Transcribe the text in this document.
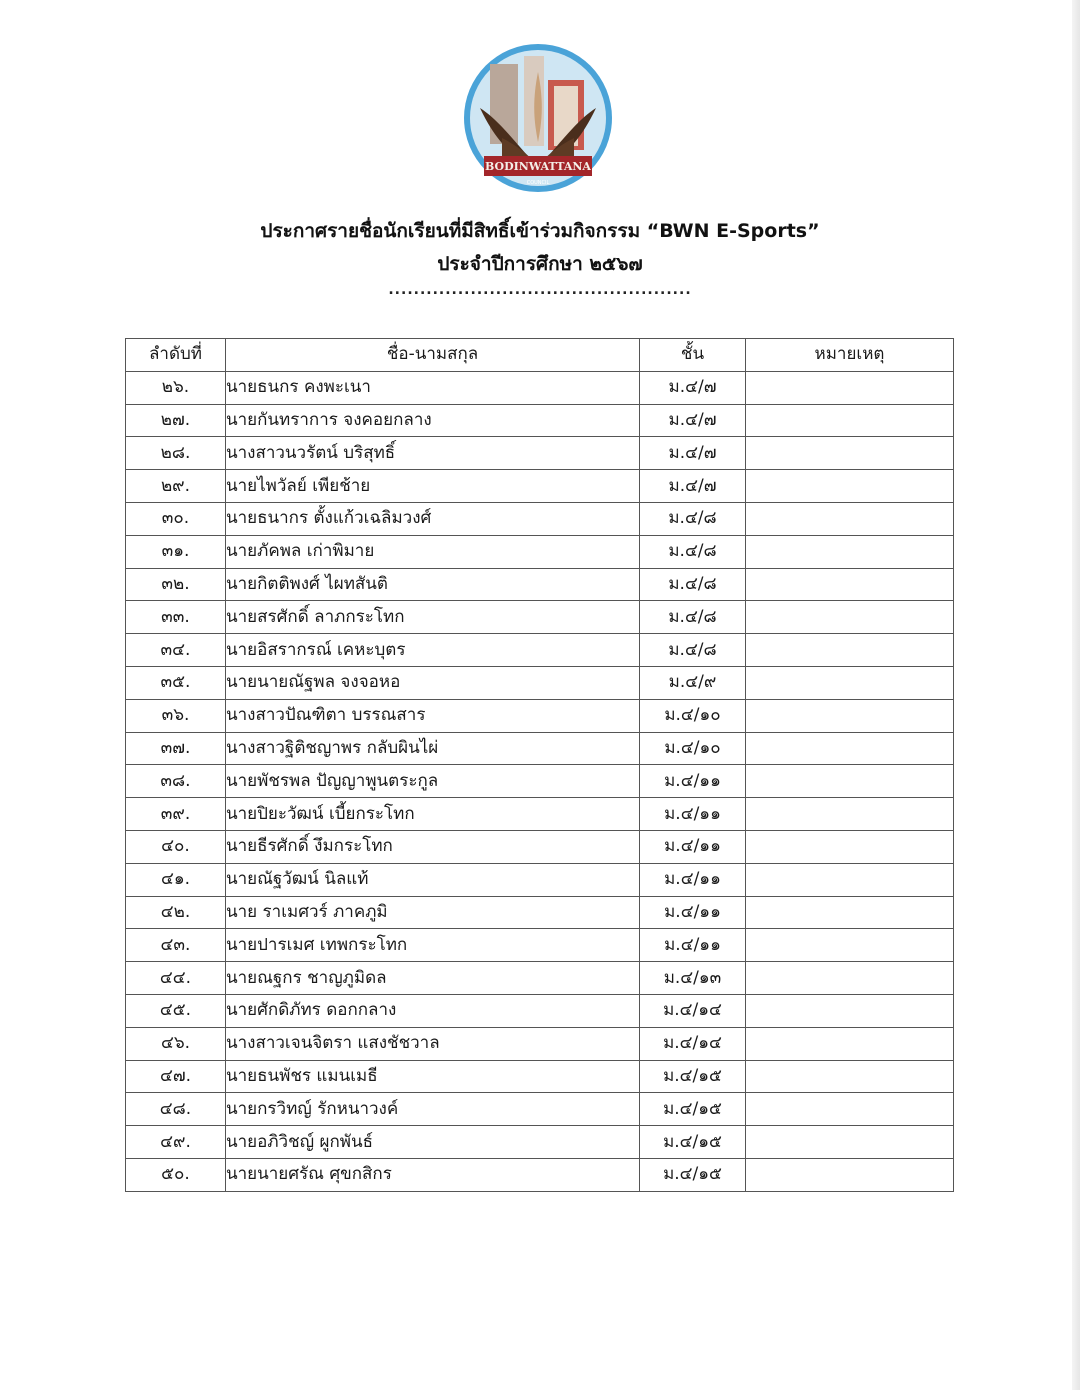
BODINWATTANA
COUNCIL
ประกาศรายชื่อนักเรียนที่มีสิทธิ์เข้าร่วมกิจกรรม “BWN E-Sports”
ประจำปีการศึกษา ๒๕๖๗
................................................
ลำดับที่	ชื่อ-นามสกุล	ชั้น	หมายเหตุ
๒๖.	นายธนกร คงพะเนา	ม.๔/๗	
๒๗.	นายกันทราการ จงคอยกลาง	ม.๔/๗	
๒๘.	นางสาวนวรัตน์ บริสุทธิ์	ม.๔/๗	
๒๙.	นายไพวัลย์ เพียช้าย	ม.๔/๗	
๓๐.	นายธนากร ตั้งแก้วเฉลิมวงศ์	ม.๔/๘	
๓๑.	นายภัคพล เก่าพิมาย	ม.๔/๘	
๓๒.	นายกิตติพงศ์ ไผทสันติ	ม.๔/๘	
๓๓.	นายสรศักดิ์ ลาภกระโทก	ม.๔/๘	
๓๔.	นายอิสรากรณ์ เคหะบุตร	ม.๔/๘	
๓๕.	นายนายณัฐพล จงจอหอ	ม.๔/๙	
๓๖.	นางสาวปัณฑิตา บรรณสาร	ม.๔/๑๐	
๓๗.	นางสาวฐิติชญาพร กลับผินไผ่	ม.๔/๑๐	
๓๘.	นายพัชรพล ปัญญาพูนตระกูล	ม.๔/๑๑	
๓๙.	นายปิยะวัฒน์ เบี้ยกระโทก	ม.๔/๑๑	
๔๐.	นายธีรศักดิ์ งึมกระโทก	ม.๔/๑๑	
๔๑.	นายณัฐวัฒน์ นิลแท้	ม.๔/๑๑	
๔๒.	นาย ราเมศวร์ ภาคภูมิ	ม.๔/๑๑	
๔๓.	นายปารเมศ เทพกระโทก	ม.๔/๑๑	
๔๔.	นายณฐกร ชาญภูมิดล	ม.๔/๑๓	
๔๕.	นายศักดิภัทร ดอกกลาง	ม.๔/๑๔	
๔๖.	นางสาวเจนจิตรา แสงชัชวาล	ม.๔/๑๔	
๔๗.	นายธนพัชร แมนเมธี	ม.๔/๑๕	
๔๘.	นายกรวิทญ์ รักหนาวงค์	ม.๔/๑๕	
๔๙.	นายอภิวิชญ์ ผูกพันธ์	ม.๔/๑๕	
๕๐.	นายนายศรัณ ศุขกสิกร	ม.๔/๑๕	
